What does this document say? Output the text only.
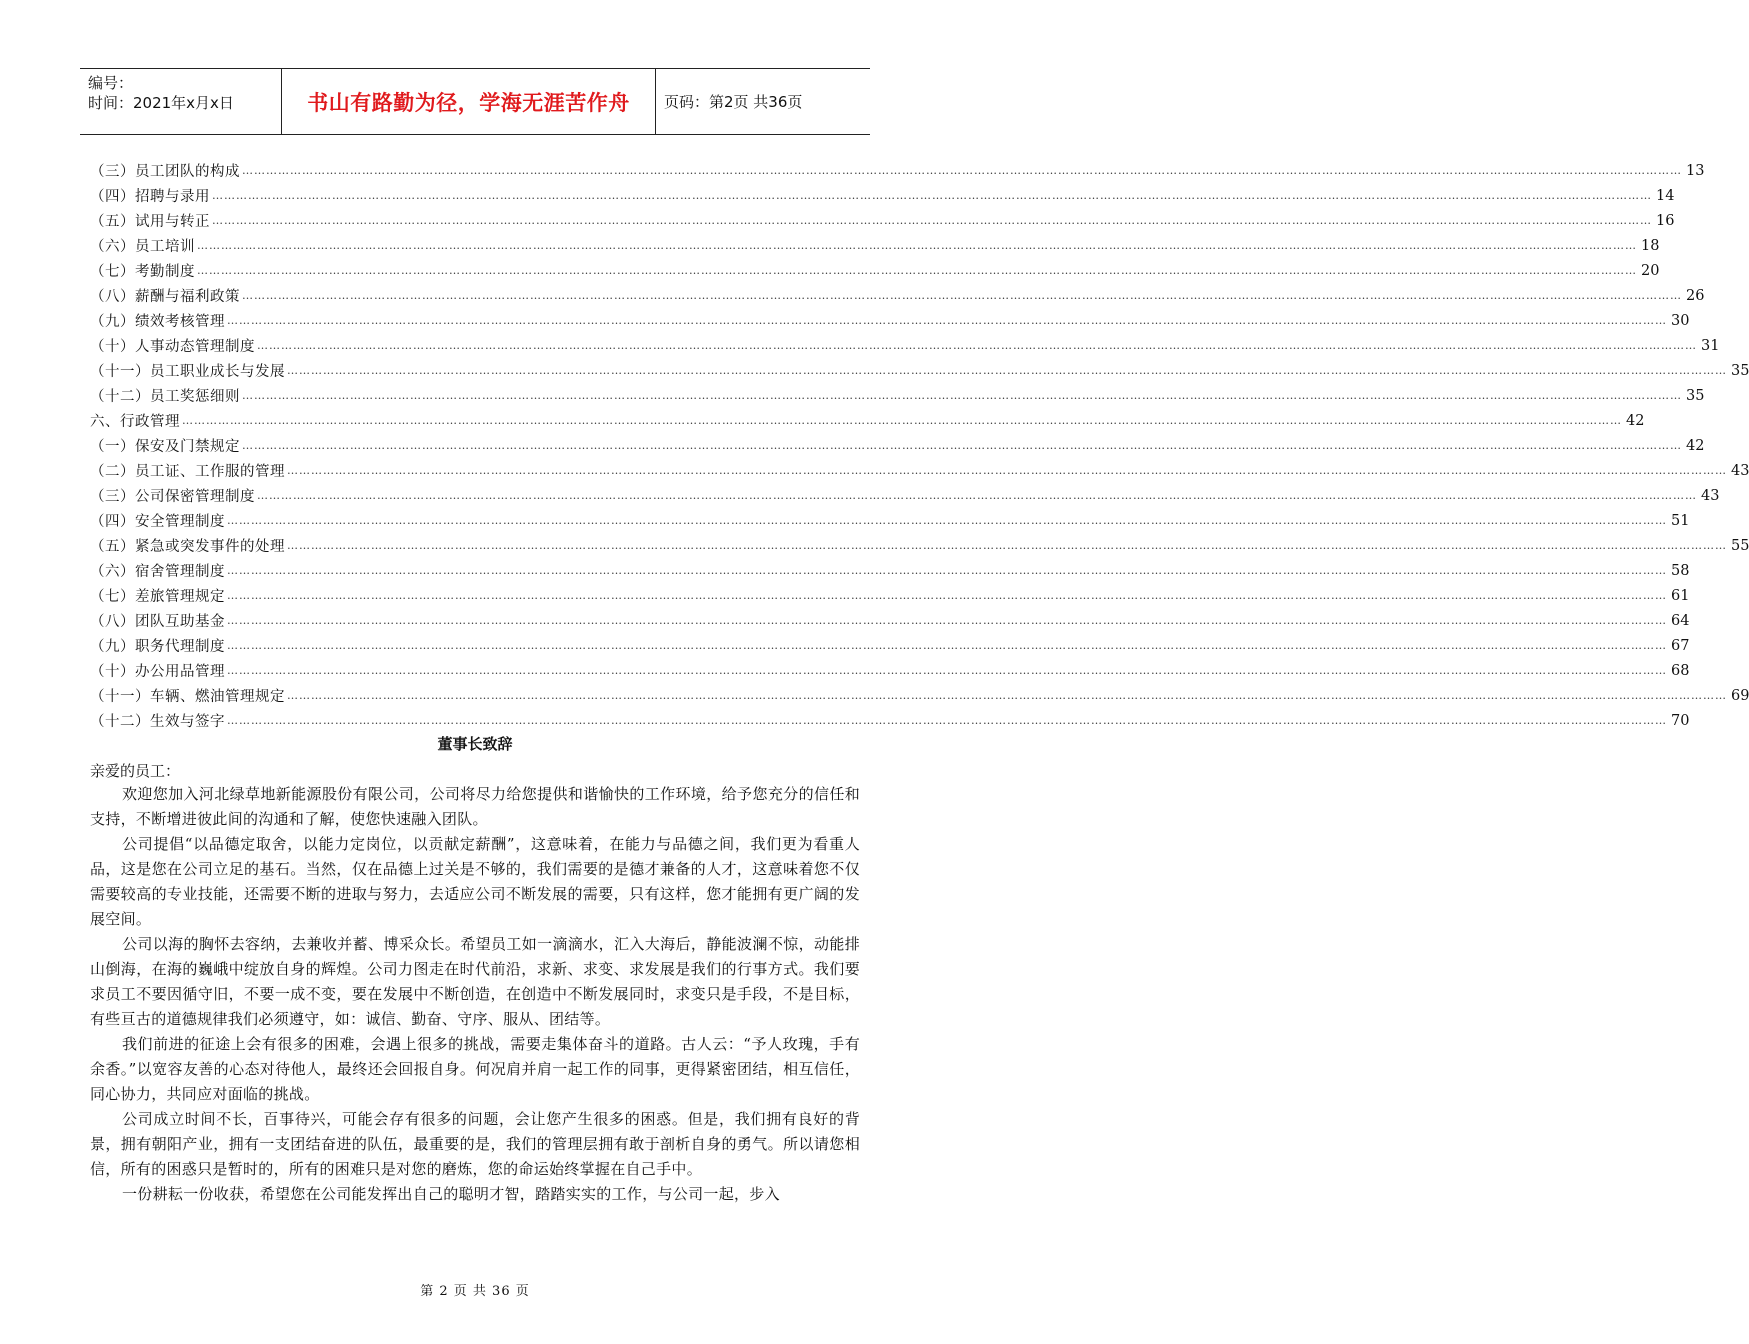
编号：
时间：2021年x月x日	书山有路勤为径，学海无涯苦作舟 页码：第2页 共36页
（三）员工团队的构成 ……………………………………………………………………………………………………………………………………………………………………………………………………………………………………………………………………………………………………………………………… 13
（四）招聘与录用 ……………………………………………………………………………………………………………………………………………………………………………………………………………………………………………………………………………………………………………………………… 14
（五）试用与转正 ……………………………………………………………………………………………………………………………………………………………………………………………………………………………………………………………………………………………………………………………… 16
（六）员工培训 ……………………………………………………………………………………………………………………………………………………………………………………………………………………………………………………………………………………………………………………………… 18
（七）考勤制度 ……………………………………………………………………………………………………………………………………………………………………………………………………………………………………………………………………………………………………………………………… 20
（八）薪酬与福利政策 ……………………………………………………………………………………………………………………………………………………………………………………………………………………………………………………………………………………………………………………………… 26
（九）绩效考核管理 ……………………………………………………………………………………………………………………………………………………………………………………………………………………………………………………………………………………………………………………………… 30
（十）人事动态管理制度 ……………………………………………………………………………………………………………………………………………………………………………………………………………………………………………………………………………………………………………………………… 31
（十一）员工职业成长与发展 ……………………………………………………………………………………………………………………………………………………………………………………………………………………………………………………………………………………………………………………………… 35
（十二）员工奖惩细则 ……………………………………………………………………………………………………………………………………………………………………………………………………………………………………………………………………………………………………………………………… 35
六、行政管理 ……………………………………………………………………………………………………………………………………………………………………………………………………………………………………………………………………………………………………………………………… 42
（一）保安及门禁规定 ……………………………………………………………………………………………………………………………………………………………………………………………………………………………………………………………………………………………………………………………… 42
（二）员工证、工作服的管理 ……………………………………………………………………………………………………………………………………………………………………………………………………………………………………………………………………………………………………………………………… 43
（三）公司保密管理制度 ……………………………………………………………………………………………………………………………………………………………………………………………………………………………………………………………………………………………………………………………… 43
（四）安全管理制度 ……………………………………………………………………………………………………………………………………………………………………………………………………………………………………………………………………………………………………………………………… 51
（五）紧急或突发事件的处理 ……………………………………………………………………………………………………………………………………………………………………………………………………………………………………………………………………………………………………………………………… 55
（六）宿舍管理制度 ……………………………………………………………………………………………………………………………………………………………………………………………………………………………………………………………………………………………………………………………… 58
（七）差旅管理规定 ……………………………………………………………………………………………………………………………………………………………………………………………………………………………………………………………………………………………………………………………… 61
（八）团队互助基金 ……………………………………………………………………………………………………………………………………………………………………………………………………………………………………………………………………………………………………………………………… 64
（九）职务代理制度 ……………………………………………………………………………………………………………………………………………………………………………………………………………………………………………………………………………………………………………………………… 67
（十）办公用品管理 ……………………………………………………………………………………………………………………………………………………………………………………………………………………………………………………………………………………………………………………………… 68
（十一）车辆、燃油管理规定 ……………………………………………………………………………………………………………………………………………………………………………………………………………………………………………………………………………………………………………………………… 69
（十二）生效与签字 ……………………………………………………………………………………………………………………………………………………………………………………………………………………………………………………………………………………………………………………………… 70
董事长致辞
亲爱的员工：

欢迎您加入河北绿草地新能源股份有限公司，公司将尽力给您提供和谐愉快的工作环境，给予您充分的信任和支持，不断增进彼此间的沟通和了解，使您快速融入团队。

公司提倡“以品德定取舍，以能力定岗位，以贡献定薪酬”，这意味着，在能力与品德之间，我们更为看重人品，这是您在公司立足的基石。当然，仅在品德上过关是不够的，我们需要的是德才兼备的人才，这意味着您不仅需要较高的专业技能，还需要不断的进取与努力，去适应公司不断发展的需要，只有这样，您才能拥有更广阔的发展空间。

公司以海的胸怀去容纳，去兼收并蓄、博采众长。希望员工如一滴滴水，汇入大海后，静能波澜不惊，动能排山倒海，在海的巍峨中绽放自身的辉煌。公司力图走在时代前沿，求新、求变、求发展是我们的行事方式。我们要求员工不要因循守旧，不要一成不变，要在发展中不断创造，在创造中不断发展同时，求变只是手段，不是目标，有些亘古的道德规律我们必须遵守，如：诚信、勤奋、守序、服从、团结等。

我们前进的征途上会有很多的困难，会遇上很多的挑战，需要走集体奋斗的道路。古人云：“予人玫瑰，手有余香。”以宽容友善的心态对待他人，最终还会回报自身。何况肩并肩一起工作的同事，更得紧密团结，相互信任，同心协力，共同应对面临的挑战。

公司成立时间不长，百事待兴，可能会存有很多的问题，会让您产生很多的困惑。但是，我们拥有良好的背景，拥有朝阳产业，拥有一支团结奋进的队伍，最重要的是，我们的管理层拥有敢于剖析自身的勇气。所以请您相信，所有的困惑只是暂时的，所有的困难只是对您的磨炼，您的命运始终掌握在自己手中。

一份耕耘一份收获，希望您在公司能发挥出自己的聪明才智，踏踏实实的工作，与公司一起，步入

第 2 页 共 36 页
